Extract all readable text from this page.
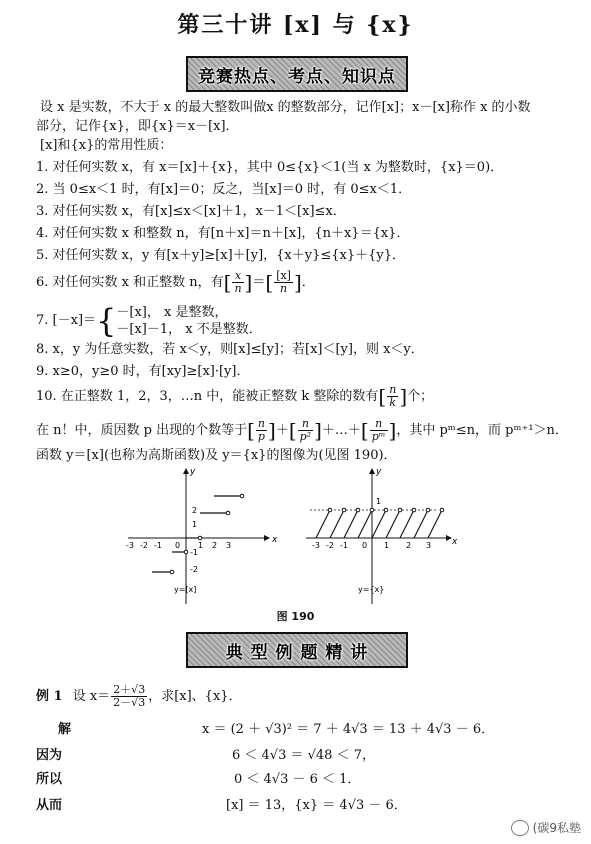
第三十讲 [x] 与 {x}
竞赛热点、考点、知识点
设 x 是实数，不大于 x 的最大整数叫做x 的整数部分，记作[x]；x－[x]称作 x 的小数
部分，记作{x}，即{x}＝x－[x]．
[x]和{x}的常用性质：
1. 对任何实数 x，有 x＝[x]＋{x}，其中 0≤{x}＜1(当 x 为整数时，{x}＝0)．
2. 当 0≤x＜1 时，有[x]＝0；反之，当[x]＝0 时，有 0≤x＜1．
3. 对任何实数 x，有[x]≤x＜[x]＋1，x－1＜[x]≤x．
4. 对任何实数 x 和整数 n，有[n＋x]＝n＋[x]，{n＋x}＝{x}．
5. 对任何实数 x，y 有[x＋y]≥[x]＋[y]，{x＋y}≤{x}＋{y}．
6. 对任何实数 x 和正整数 n，有[ $\frac{x}{n}$ ]＝[ $\frac{[x]}{n}$ ]．
7. [－x]＝{ －[x]， x 是整数，
－[x]－1， x 不是整数．
8. x，y 为任意实数，若 x＜y，则[x]≤[y]；若[x]＜[y]，则 x＜y．
9. x≥0，y≥0 时，有[xy]≥[x]·[y]．
10. 在正整数 1，2，3，…n 中，能被正整数 k 整除的数有[ $\frac{n}{k}$ ]个；
在 n！中，质因数 p 出现的个数等于[ $\frac{n}{p}$ ]＋[ $\frac{n}{\text{p²}}$ ]＋…＋[ $\frac{n}{\text{pᵐ}}$ ]，其中 pᵐ≤n，而 pᵐ⁺¹＞n．
函数 y＝[x](也称为高斯函数)及 y＝{x}的图像为(见图 190)．
x
y
-3 -2 -1 0 1 2 3
2
1
-1
-2
y=[x]
x
y
1
-3 -2 -1 0 1 2 3
y={x}
图 190
典 型 例 题 精 讲
例 1 设 $x= \frac{2+√3}{2-√3}$ ，求[x]、{x}．
解	x ＝ (2 ＋ √3)² ＝ 7 ＋ 4√3 ＝ 13 ＋ 4√3 － 6．
因为	6 ＜ 4√3 ＝ √48 ＜ 7，
所以	0 ＜ 4√3 － 6 ＜ 1．
从而	[x] ＝ 13，{x} ＝ 4√3 － 6．
(碳9私塾
